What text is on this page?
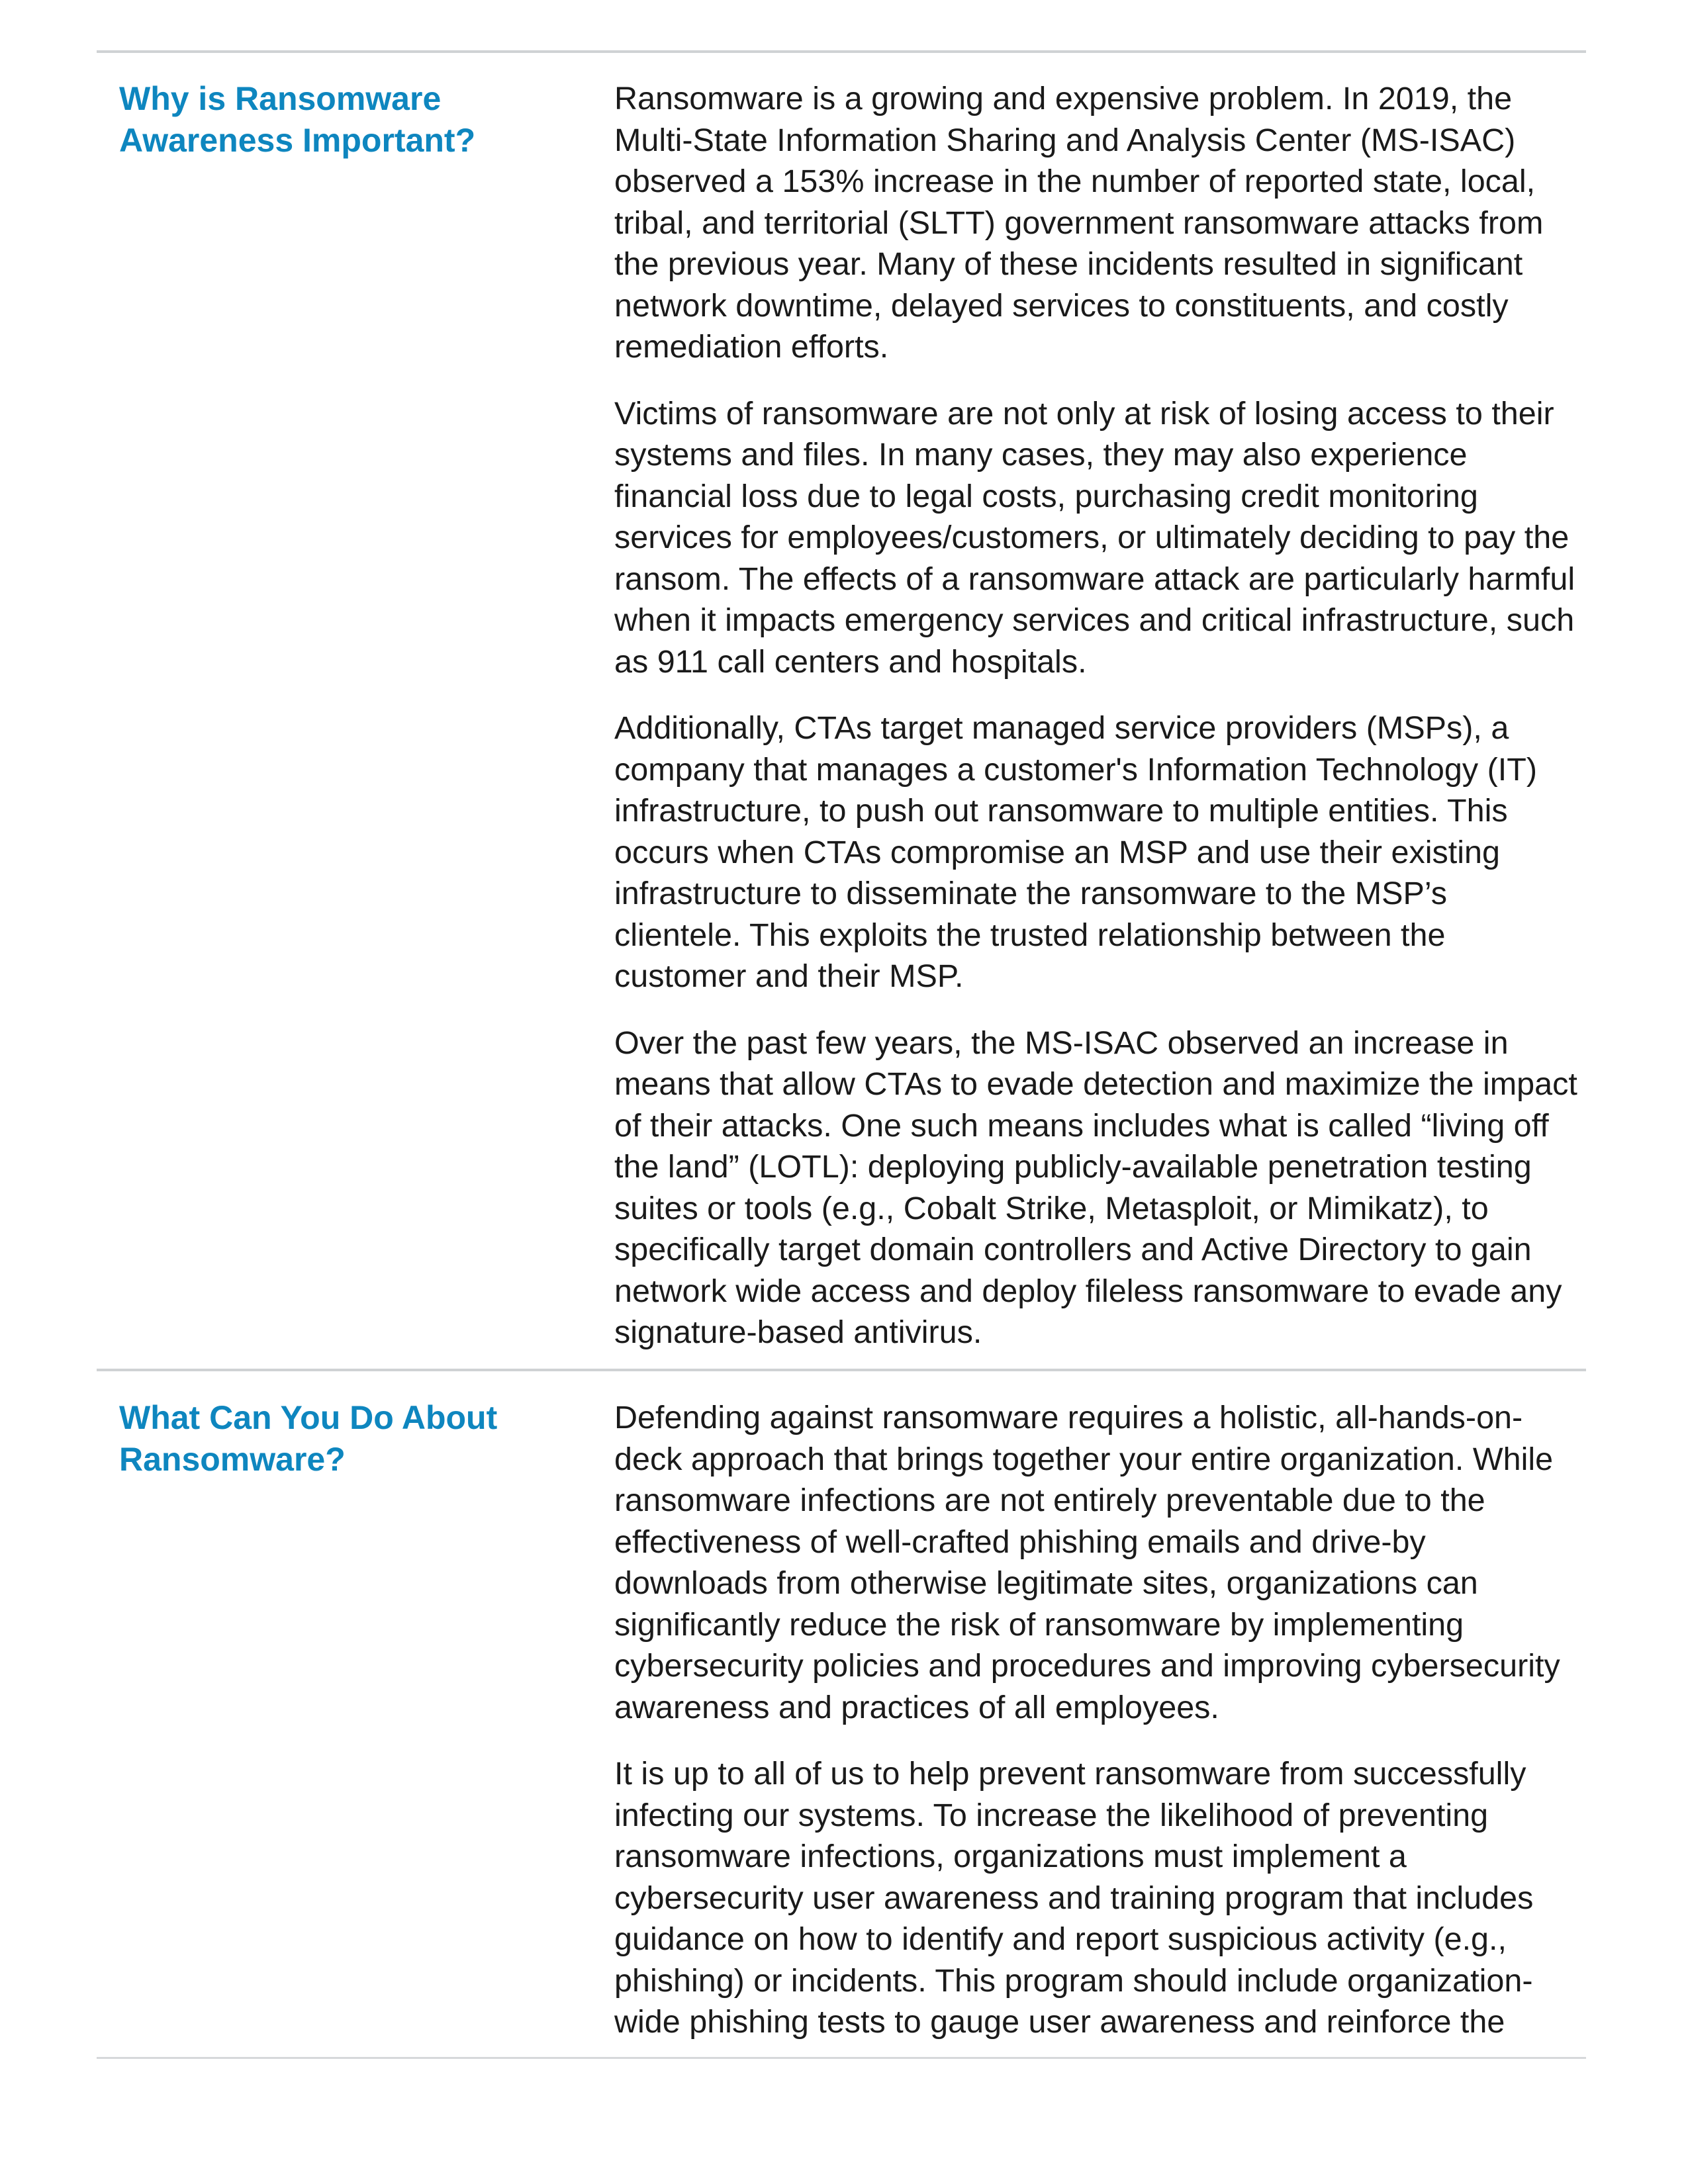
Why is Ransomware Awareness Important?

Ransomware is a growing and expensive problem. In 2019, the Multi-State Information Sharing and Analysis Center (MS-ISAC) observed a 153% increase in the number of reported state, local, tribal, and territorial (SLTT) government ransomware attacks from the previous year. Many of these incidents resulted in significant network downtime, delayed services to constituents, and costly remediation efforts.

Victims of ransomware are not only at risk of losing access to their systems and files. In many cases, they may also experience financial loss due to legal costs, purchasing credit monitoring services for employees/customers, or ultimately deciding to pay the ransom. The effects of a ransomware attack are particularly harmful when it impacts emergency services and critical infrastructure, such as 911 call centers and hospitals.

Additionally, CTAs target managed service providers (MSPs), a company that manages a customer's Information Technology (IT) infrastructure, to push out ransomware to multiple entities. This occurs when CTAs compromise an MSP and use their existing infrastructure to disseminate the ransomware to the MSP’s clientele. This exploits the trusted relationship between the customer and their MSP.

Over the past few years, the MS-ISAC observed an increase in means that allow CTAs to evade detection and maximize the impact of their attacks. One such means includes what is called “living off the land” (LOTL): deploying publicly-available penetration testing suites or tools (e.g., Cobalt Strike, Metasploit, or Mimikatz), to specifically target domain controllers and Active Directory to gain network wide access and deploy fileless ransomware to evade any signature-based antivirus.

What Can You Do About Ransomware?

Defending against ransomware requires a holistic, all-hands-on-deck approach that brings together your entire organization. While ransomware infections are not entirely preventable due to the effectiveness of well-crafted phishing emails and drive-by downloads from otherwise legitimate sites, organizations can significantly reduce the risk of ransomware by implementing cybersecurity policies and procedures and improving cybersecurity awareness and practices of all employees.

It is up to all of us to help prevent ransomware from successfully infecting our systems. To increase the likelihood of preventing ransomware infections, organizations must implement a cybersecurity user awareness and training program that includes guidance on how to identify and report suspicious activity (e.g., phishing) or incidents. This program should include organization-wide phishing tests to gauge user awareness and reinforce the
